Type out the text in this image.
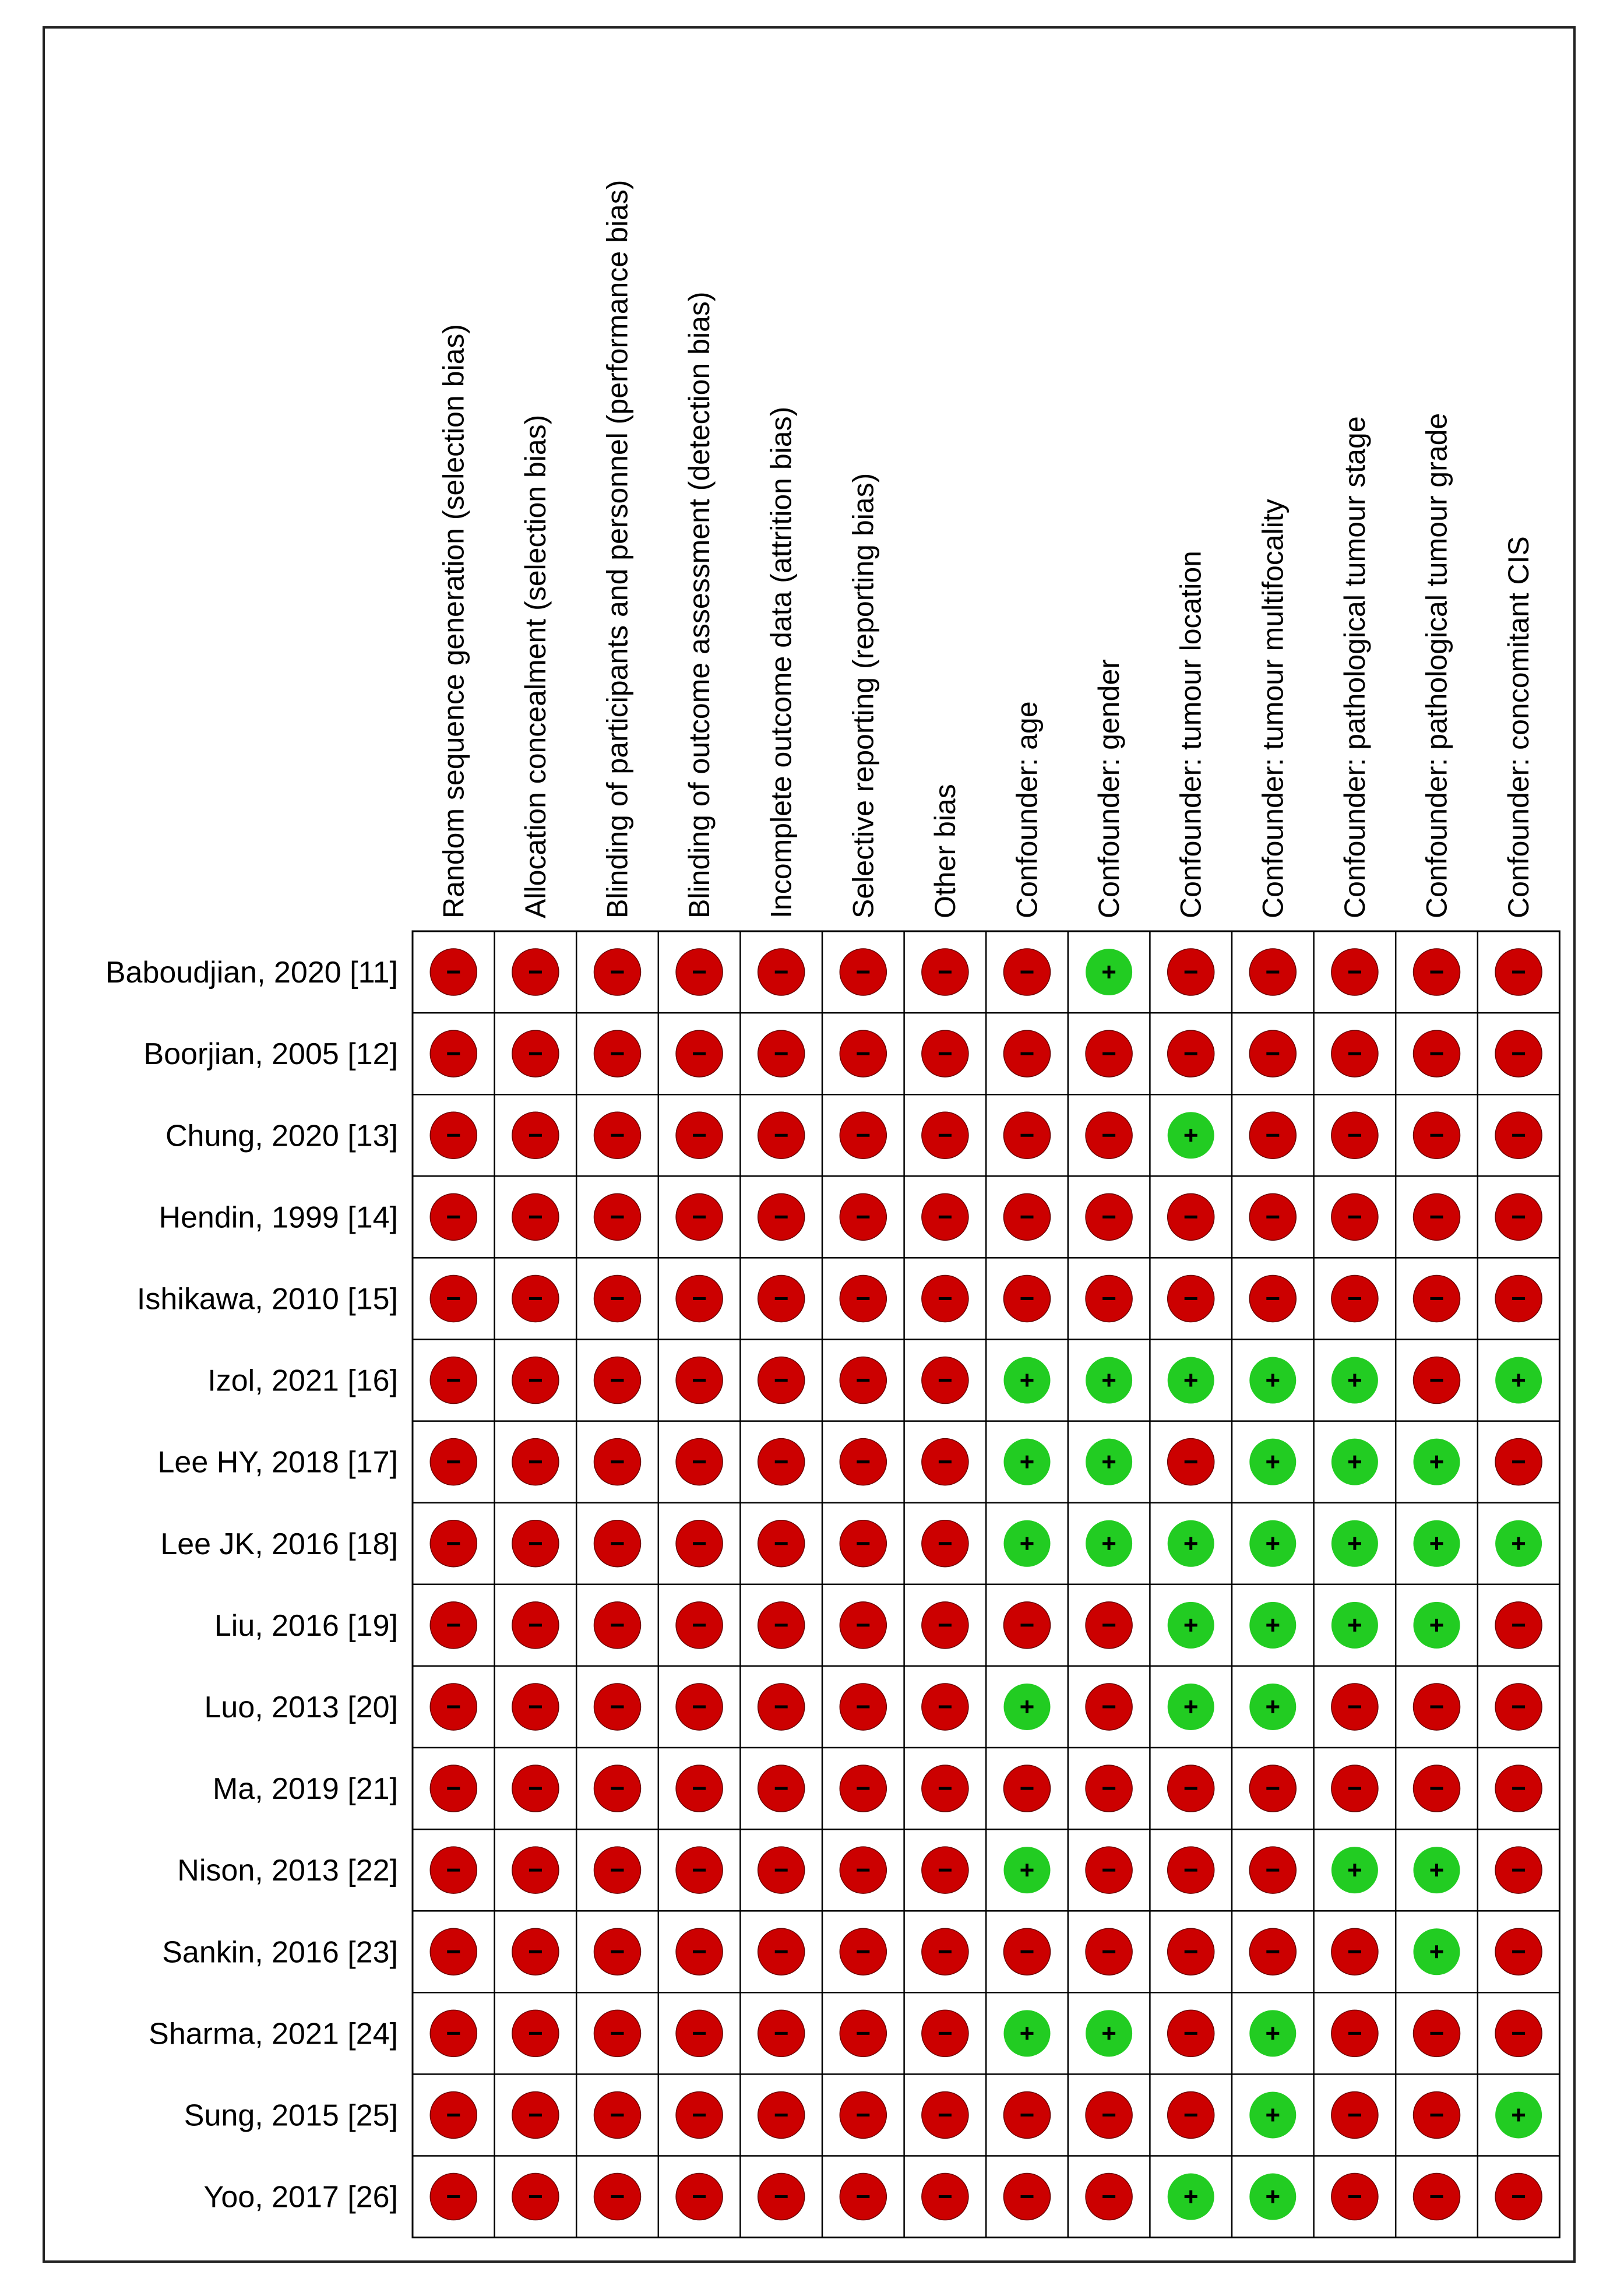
Random sequence generation (selection bias) Allocation concealment (selection bias) Blinding of participants and personnel (performance bias) Blinding of outcome assessment (detection bias) Incomplete outcome data (attrition bias) Selective reporting (reporting bias) Other bias Confounder: age Confounder: gender Confounder: tumour location Confounder: tumour multifocality Confounder: pathological tumour stage Confounder: pathological tumour grade Confounder: concomitant CIS
Baboudjian, 2020 [11]
Boorjian, 2005 [12]
Chung, 2020 [13]
Hendin, 1999 [14]
Ishikawa, 2010 [15]
Izol, 2021 [16]
Lee HY, 2018 [17]
Lee JK, 2016 [18]
Liu, 2016 [19]
Luo, 2013 [20]
Ma, 2019 [21]
Nison, 2013 [22]
Sankin, 2016 [23]
Sharma, 2021 [24]
Sung, 2015 [25]
Yoo, 2017 [26]
